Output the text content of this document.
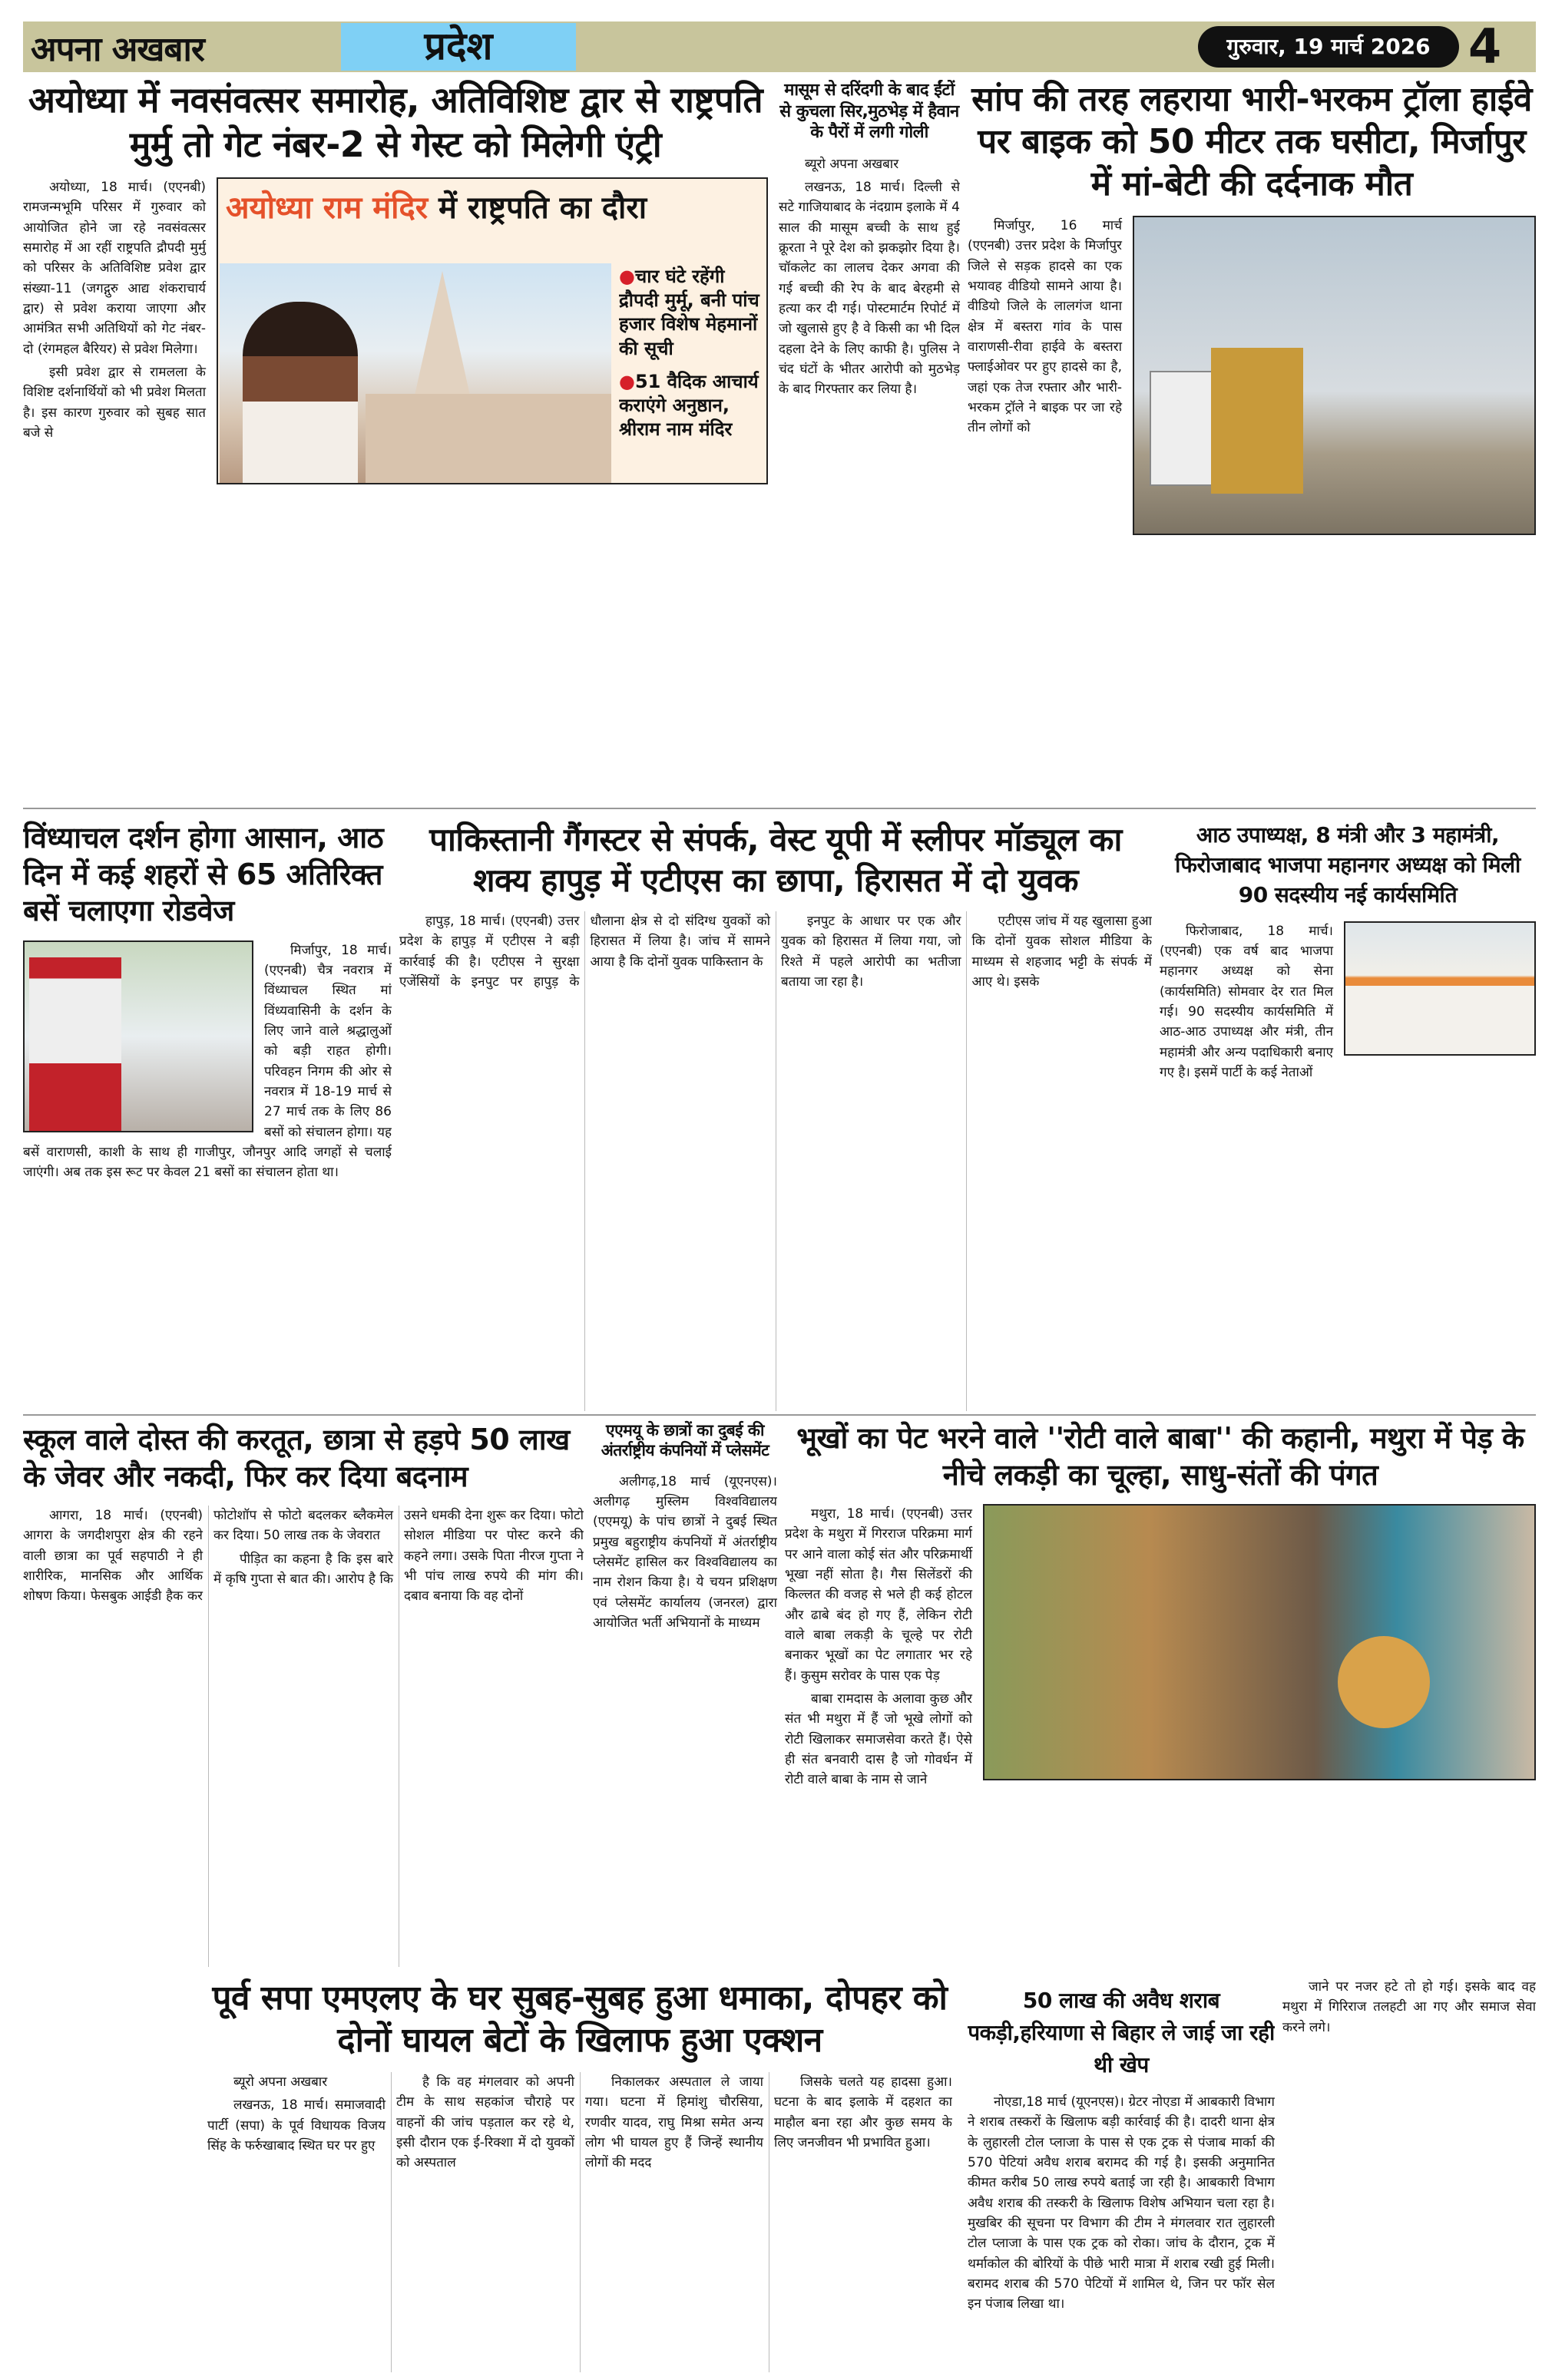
अपना अखबार	प्रदेश	गुरुवार, 19 मार्च 2026 4
अयोध्या में नवसंवत्सर समारोह, अतिविशिष्ट द्वार से राष्ट्रपति मुर्मु तो गेट नंबर-2 से गेस्ट को मिलेगी एंट्री
अयोध्या राम मंदिर में राष्ट्रपति का दौरा
●चार घंटे रहेंगी द्रौपदी मुर्मू, बनी पांच हजार विशेष मेहमानों की सूची
●51 वैदिक आचार्य कराएंगे अनुष्ठान, श्रीराम नाम मंदिर

अयोध्या, 18 मार्च। (एएनबी) रामजन्मभूमि परिसर में गुरुवार को आयोजित होने जा रहे नवसंवत्सर समारोह में आ रहीं राष्ट्रपति द्रौपदी मुर्मु को परिसर के अतिविशिष्ट प्रवेश द्वार संख्या-11 (जगद्गुरु आद्य शंकराचार्य द्वार) से प्रवेश कराया जाएगा और आमंत्रित सभी अतिथियों को गेट नंबर-दो (रंगमहल बैरियर) से प्रवेश मिलेगा।

इसी प्रवेश द्वार से रामलला के विशिष्ट दर्शनार्थियों को भी प्रवेश मिलता है। इस कारण गुरुवार को सुबह सात बजे से

मासूम से दरिंदगी के बाद ईंटों से कुचला सिर,मुठभेड़ में हैवान के पैरों में लगी गोली

ब्यूरो अपना अखबार

लखनऊ, 18 मार्च। दिल्ली से सटे गाजियाबाद के नंदग्राम इलाके में 4 साल की मासूम बच्ची के साथ हुई क्रूरता ने पूरे देश को झकझोर दिया है। चॉकलेट का लालच देकर अगवा की गई बच्ची की रेप के बाद बेरहमी से हत्या कर दी गई। पोस्टमार्टम रिपोर्ट में जो खुलासे हुए है वे किसी का भी दिल दहला देने के लिए काफी है। पुलिस ने चंद घंटों के भीतर आरोपी को मुठभेड़ के बाद गिरफ्तार कर लिया है।

सांप की तरह लहराया भारी-भरकम ट्रॉला हाईवे पर बाइक को 50 मीटर तक घसीटा, मिर्जापुर में मां-बेटी की दर्दनाक मौत

मिर्जापुर, 16 मार्च (एएनबी) उत्तर प्रदेश के मिर्जापुर जिले से सड़क हादसे का एक भयावह वीडियो सामने आया है। वीडियो जिले के लालगंज थाना क्षेत्र में बस्तरा गांव के पास वाराणसी-रीवा हाईवे के बस्तरा फ्लाईओवर पर हुए हादसे का है, जहां एक तेज रफ्तार और भारी-भरकम ट्रॉले ने बाइक पर जा रहे तीन लोगों को

विंध्याचल दर्शन होगा आसान, आठ दिन में कई शहरों से 65 अतिरिक्त बसें चलाएगा रोडवेज

मिर्जापुर, 18 मार्च। (एएनबी) चैत्र नवरात्र में विंध्याचल स्थित मां विंध्यवासिनी के दर्शन के लिए जाने वाले श्रद्धालुओं को बड़ी राहत होगी। परिवहन निगम की ओर से नवरात्र में 18-19 मार्च से 27 मार्च तक के लिए 86 बसों को संचालन होगा। यह बसें वाराणसी, काशी के साथ ही गाजीपुर, जौनपुर आदि जगहों से चलाई जाएंगी। अब तक इस रूट पर केवल 21 बसों का संचालन होता था।

पाकिस्तानी गैंगस्टर से संपर्क, वेस्ट यूपी में स्लीपर मॉड्यूल का शक्य हापुड़ में एटीएस का छापा, हिरासत में दो युवक

हापुड़, 18 मार्च। (एएनबी) उत्तर प्रदेश के हापुड़ में एटीएस ने बड़ी कार्रवाई की है। एटीएस ने सुरक्षा एजेंसियों के इनपुट पर हापुड़ के धौलाना क्षेत्र से दो संदिग्ध युवकों को हिरासत में लिया है। जांच में सामने आया है कि दोनों युवक पाकिस्तान के

इनपुट के आधार पर एक और युवक को हिरासत में लिया गया, जो रिश्ते में पहले आरोपी का भतीजा बताया जा रहा है।

एटीएस जांच में यह खुलासा हुआ कि दोनों युवक सोशल मीडिया के माध्यम से शहजाद भट्टी के संपर्क में आए थे। इसके

आठ उपाध्यक्ष, 8 मंत्री और 3 महामंत्री, फिरोजाबाद भाजपा महानगर अध्यक्ष को मिली 90 सदस्यीय नई कार्यसमिति

फिरोजाबाद, 18 मार्च। (एएनबी) एक वर्ष बाद भाजपा महानगर अध्यक्ष को सेना (कार्यसमिति) सोमवार देर रात मिल गई। 90 सदस्यीय कार्यसमिति में आठ-आठ उपाध्यक्ष और मंत्री, तीन महामंत्री और अन्य पदाधिकारी बनाए गए है। इसमें पार्टी के कई नेताओं

स्कूल वाले दोस्त की करतूत, छात्रा से हड़पे 50 लाख के जेवर और नकदी, फिर कर दिया बदनाम

आगरा, 18 मार्च। (एएनबी) आगरा के जगदीशपुरा क्षेत्र की रहने वाली छात्रा का पूर्व सहपाठी ने ही शारीरिक, मानसिक और आर्थिक शोषण किया। फेसबुक आईडी हैक कर फोटोशॉप से फोटो बदलकर ब्लैकमेल कर दिया। 50 लाख तक के जेवरात

पीड़ित का कहना है कि इस बारे में कृषि गुप्ता से बात की। आरोप है कि उसने धमकी देना शुरू कर दिया। फोटो सोशल मीडिया पर पोस्ट करने की कहने लगा। उसके पिता नीरज गुप्ता ने भी पांच लाख रुपये की मांग की। दबाव बनाया कि वह दोनों

एएमयू के छात्रों का दुबई की अंतर्राष्ट्रीय कंपनियों में प्लेसमेंट

अलीगढ़,18 मार्च (यूएनएस)। अलीगढ़ मुस्लिम विश्वविद्यालय (एएमयू) के पांच छात्रों ने दुबई स्थित प्रमुख बहुराष्ट्रीय कंपनियों में अंतर्राष्ट्रीय प्लेसमेंट हासिल कर विश्वविद्यालय का नाम रोशन किया है। ये चयन प्रशिक्षण एवं प्लेसमेंट कार्यालय (जनरल) द्वारा आयोजित भर्ती अभियानों के माध्यम

भूखों का पेट भरने वाले ''रोटी वाले बाबा'' की कहानी, मथुरा में पेड़ के नीचे लकड़ी का चूल्हा, साधु-संतों की पंगत

मथुरा, 18 मार्च। (एएनबी) उत्तर प्रदेश के मथुरा में गिरराज परिक्रमा मार्ग पर आने वाला कोई संत और परिक्रमार्थी भूखा नहीं सोता है। गैस सिलेंडरों की किल्लत की वजह से भले ही कई होटल और ढाबे बंद हो गए हैं, लेकिन रोटी वाले बाबा लकड़ी के चूल्हे पर रोटी बनाकर भूखों का पेट लगातार भर रहे हैं। कुसुम सरोवर के पास एक पेड़

बाबा रामदास के अलावा कुछ और संत भी मथुरा में हैं जो भूखे लोगों को रोटी खिलाकर समाजसेवा करते हैं। ऐसे ही संत बनवारी दास है जो गोवर्धन में रोटी वाले बाबा के नाम से जाने

पूर्व सपा एमएलए के घर सुबह-सुबह हुआ धमाका, दोपहर को दोनों घायल बेटों के खिलाफ हुआ एक्शन

ब्यूरो अपना अखबार

लखनऊ, 18 मार्च। समाजवादी पार्टी (सपा) के पूर्व विधायक विजय सिंह के फर्रुखाबाद स्थित घर पर हुए

है कि वह मंगलवार को अपनी टीम के साथ सहकांज चौराहे पर वाहनों की जांच पड़ताल कर रहे थे, इसी दौरान एक ई-रिक्शा में दो युवकों को अस्पताल

निकालकर अस्पताल ले जाया गया। घटना में हिमांशु चौरसिया, रणवीर यादव, राघु मिश्रा समेत अन्य लोग भी घायल हुए हैं जिन्हें स्थानीय लोगों की मदद

जिसके चलते यह हादसा हुआ। घटना के बाद इलाके में दहशत का माहौल बना रहा और कुछ समय के लिए जनजीवन भी प्रभावित हुआ।

50 लाख की अवैध शराब पकड़ी,हरियाणा से बिहार ले जाई जा रही थी खेप

नोएडा,18 मार्च (यूएनएस)। ग्रेटर नोएडा में आबकारी विभाग ने शराब तस्करों के खिलाफ बड़ी कार्रवाई की है। दादरी थाना क्षेत्र के लुहारली टोल प्लाजा के पास से एक ट्रक से पंजाब मार्का की 570 पेटियां अवैध शराब बरामद की गई है। इसकी अनुमानित कीमत करीब 50 लाख रुपये बताई जा रही है। आबकारी विभाग अवैध शराब की तस्करी के खिलाफ विशेष अभियान चला रहा है। मुखबिर की सूचना पर विभाग की टीम ने मंगलवार रात लुहारली टोल प्लाजा के पास एक ट्रक को रोका। जांच के दौरान, ट्रक में थर्माकोल की बोरियों के पीछे भारी मात्रा में शराब रखी हुई मिली। बरामद शराब की 570 पेटियों में शामिल थे, जिन पर फॉर सेल इन पंजाब लिखा था।

जाने पर नजर हटे तो हो गई। इसके बाद वह मथुरा में गिरिराज तलहटी आ गए और समाज सेवा करने लगे।
